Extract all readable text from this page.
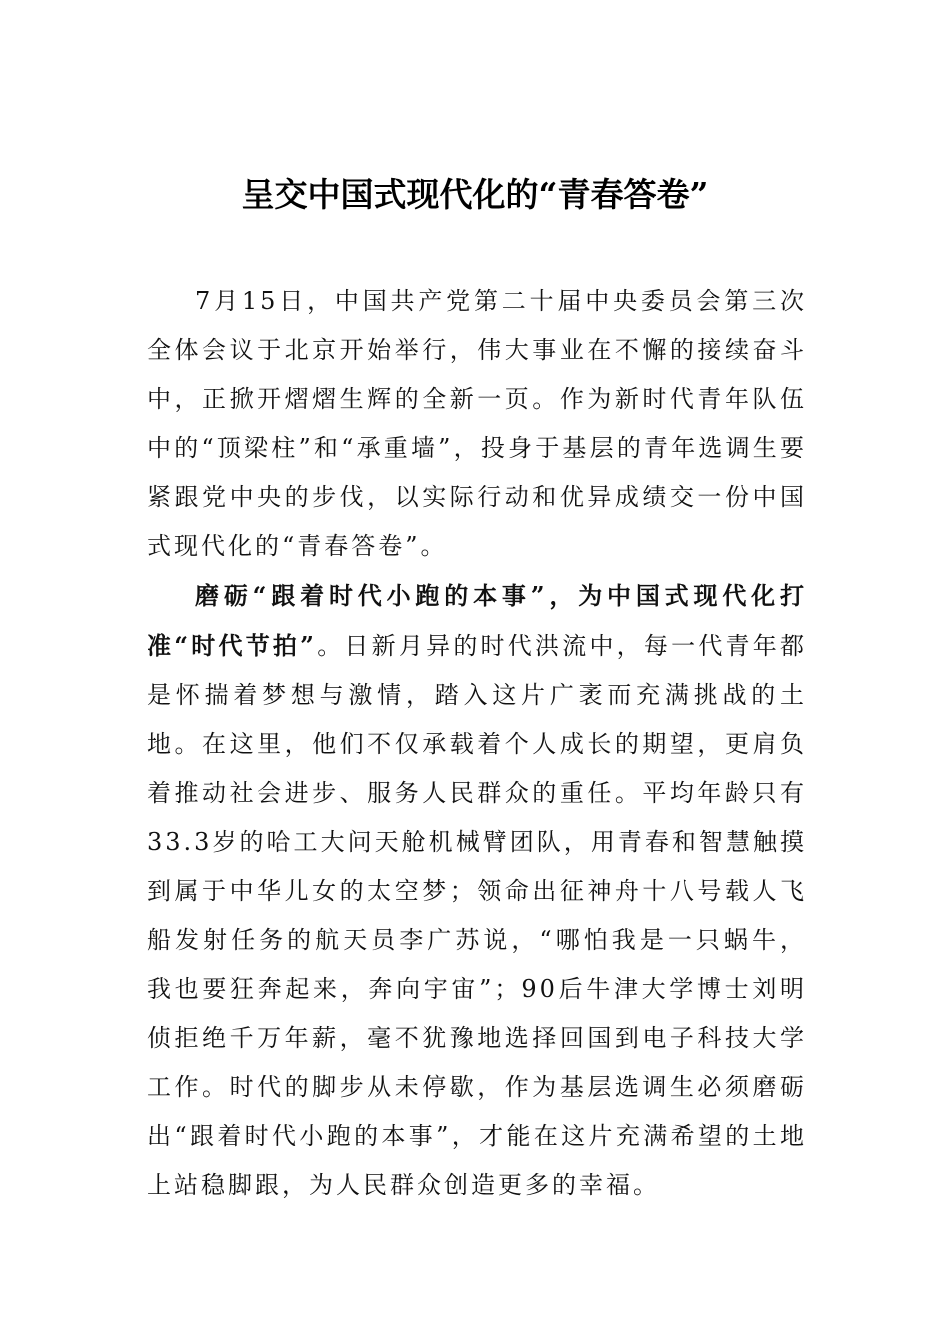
呈交中国式现代化的“青春答卷”

7月15日，中国共产党第二十届中央委员会第三次全体会议于北京开始举行，伟大事业在不懈的接续奋斗中，正掀开熠熠生辉的全新一页。作为新时代青年队伍中的“顶梁柱”和“承重墙”，投身于基层的青年选调生要紧跟党中央的步伐，以实际行动和优异成绩交一份中国式现代化的“青春答卷”。

磨砺“跟着时代小跑的本事”，为中国式现代化打准“时代节拍”。日新月异的时代洪流中，每一代青年都是怀揣着梦想与激情，踏入这片广袤而充满挑战的土地。在这里，他们不仅承载着个人成长的期望，更肩负着推动社会进步、服务人民群众的重任。平均年龄只有33.3岁的哈工大问天舱机械臂团队，用青春和智慧触摸到属于中华儿女的太空梦；领命出征神舟十八号载人飞船发射任务的航天员李广苏说，“哪怕我是一只蜗牛，我也要狂奔起来，奔向宇宙”；90后牛津大学博士刘明侦拒绝千万年薪，毫不犹豫地选择回国到电子科技大学工作。时代的脚步从未停歇，作为基层选调生必须磨砺出“跟着时代小跑的本事”，才能在这片充满希望的土地上站稳脚跟，为人民群众创造更多的幸福。
